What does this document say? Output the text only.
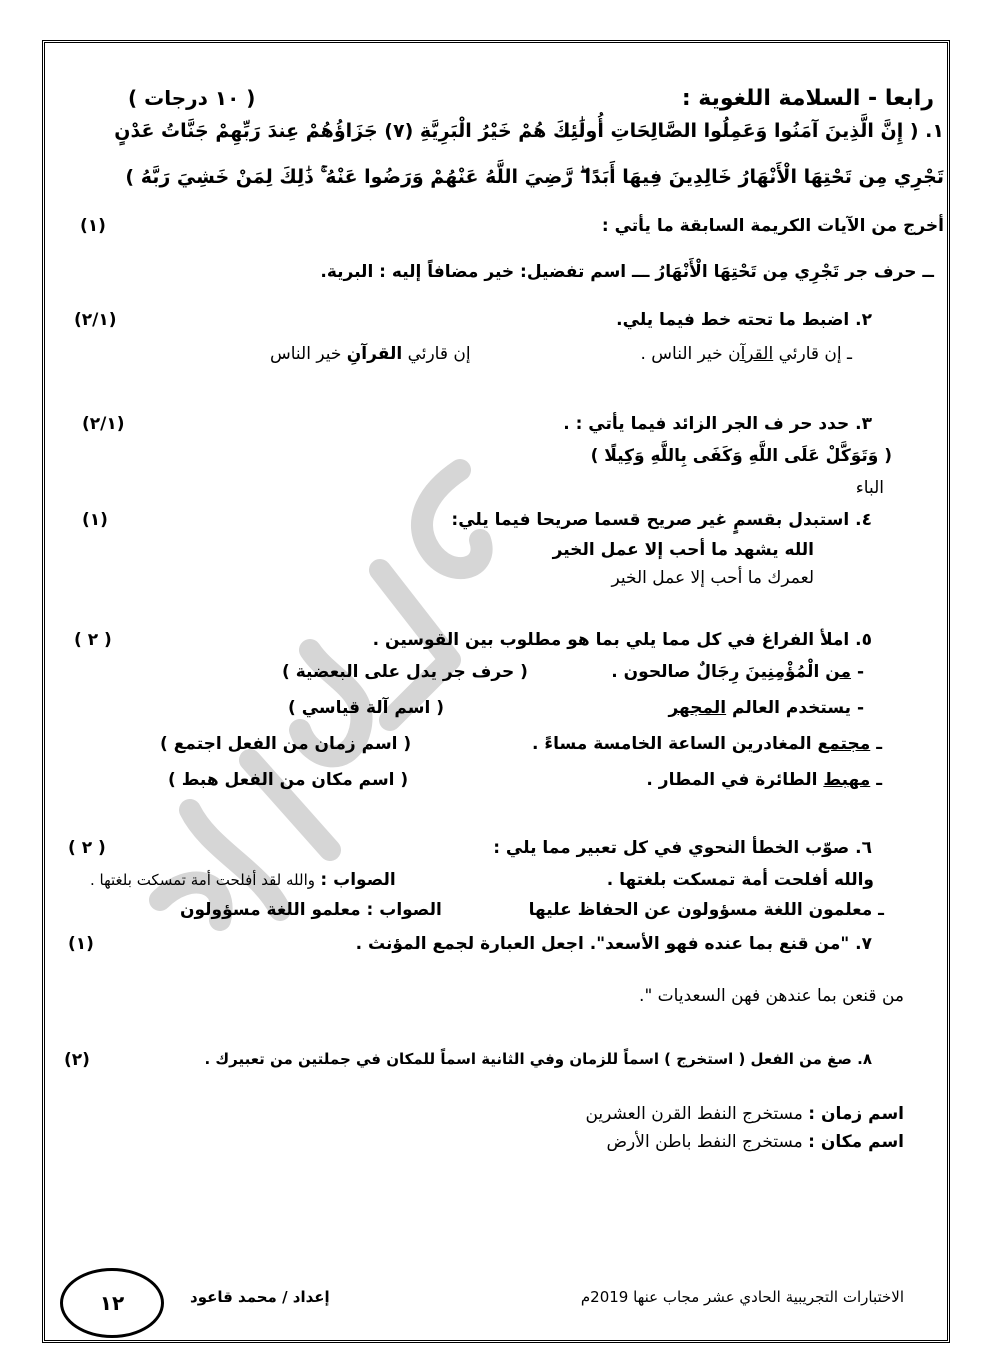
رابعا - السلامة اللغوية :
( ١٠ درجات )
١. ( إِنَّ الَّذِينَ آمَنُوا وَعَمِلُوا الصَّالِحَاتِ أُولَٰئِكَ هُمْ خَيْرُ الْبَرِيَّةِ (٧) جَزَاؤُهُمْ عِندَ رَبِّهِمْ جَنَّاتُ عَدْنٍ
تَجْرِي مِن تَحْتِهَا الْأَنْهَارُ خَالِدِينَ فِيهَا أَبَدًا ۖ رَّضِيَ اللَّهُ عَنْهُمْ وَرَضُوا عَنْهُ ۚ ذَٰلِكَ لِمَنْ خَشِيَ رَبَّهُ )
أخرج من الآيات الكريمة السابقة ما يأتي :
(١)
ــ حرف جر تَجْرِي مِن تَحْتِهَا الْأَنْهَارُ ـــ اسم تفضيل: خير مضافاً إليه : البرية.
٢. اضبط ما تحته خط فيما يلي.
(٢/١)
ـ إن قارئي القرآن خير الناس .
إن قارئي القرآنِ خير الناس
٣. حدد حر ف الجر الزائد فيما يأتي : .
(٢/١)
( وَتَوَكَّلْ عَلَى اللَّهِ وَكَفَى بِاللَّهِ وَكِيلًا )
الباء
٤. استبدل بقسمٍ غير صريح قسما صريحا فيما يلي:
(١)
الله يشهد ما أحب إلا عمل الخير
لعمرك ما أحب إلا عمل الخير
٥. املأ الفراغ في كل مما يلي بما هو مطلوب بين القوسين .
( ٢ )
- من الْمُؤْمِنِينَ رِجَالٌ صالحون .
( حرف جر يدل على البعضية )
- يستخدم العالم المجهر
( اسم آلة قياسي )
ـ مجتمع المغادرين الساعة الخامسة مساءً .
( اسم زمان من الفعل اجتمع )
ـ مهبط الطائرة في المطار .
( اسم مكان من الفعل هبط )
٦. صوّب الخطأ النحوي في كل تعبير مما يلي :
( ٢ )
والله أفلحت أمة تمسكت بلغتها .
الصواب : والله لقد أفلحت أمة تمسكت بلغتها .
ـ معلمون اللغة مسؤولون عن الحفاظ عليها
الصواب : معلمو اللغة مسؤولون
٧. "من قنع بما عنده فهو الأسعد". اجعل العبارة لجمع المؤنث .
(١)
من قنعن بما عندهن فهن السعديات ".
٨. صغ من الفعل ( استخرج ) اسماً للزمان وفي الثانية اسماً للمكان في جملتين من تعبيرك .
(٢)
اسم زمان : مستخرج النفط القرن العشرين
اسم مكان : مستخرج النفط باطن الأرض
الاختبارات التجريبية الحادي عشر مجاب عنها 2019م
إعداد / محمد قاعود
١٢
